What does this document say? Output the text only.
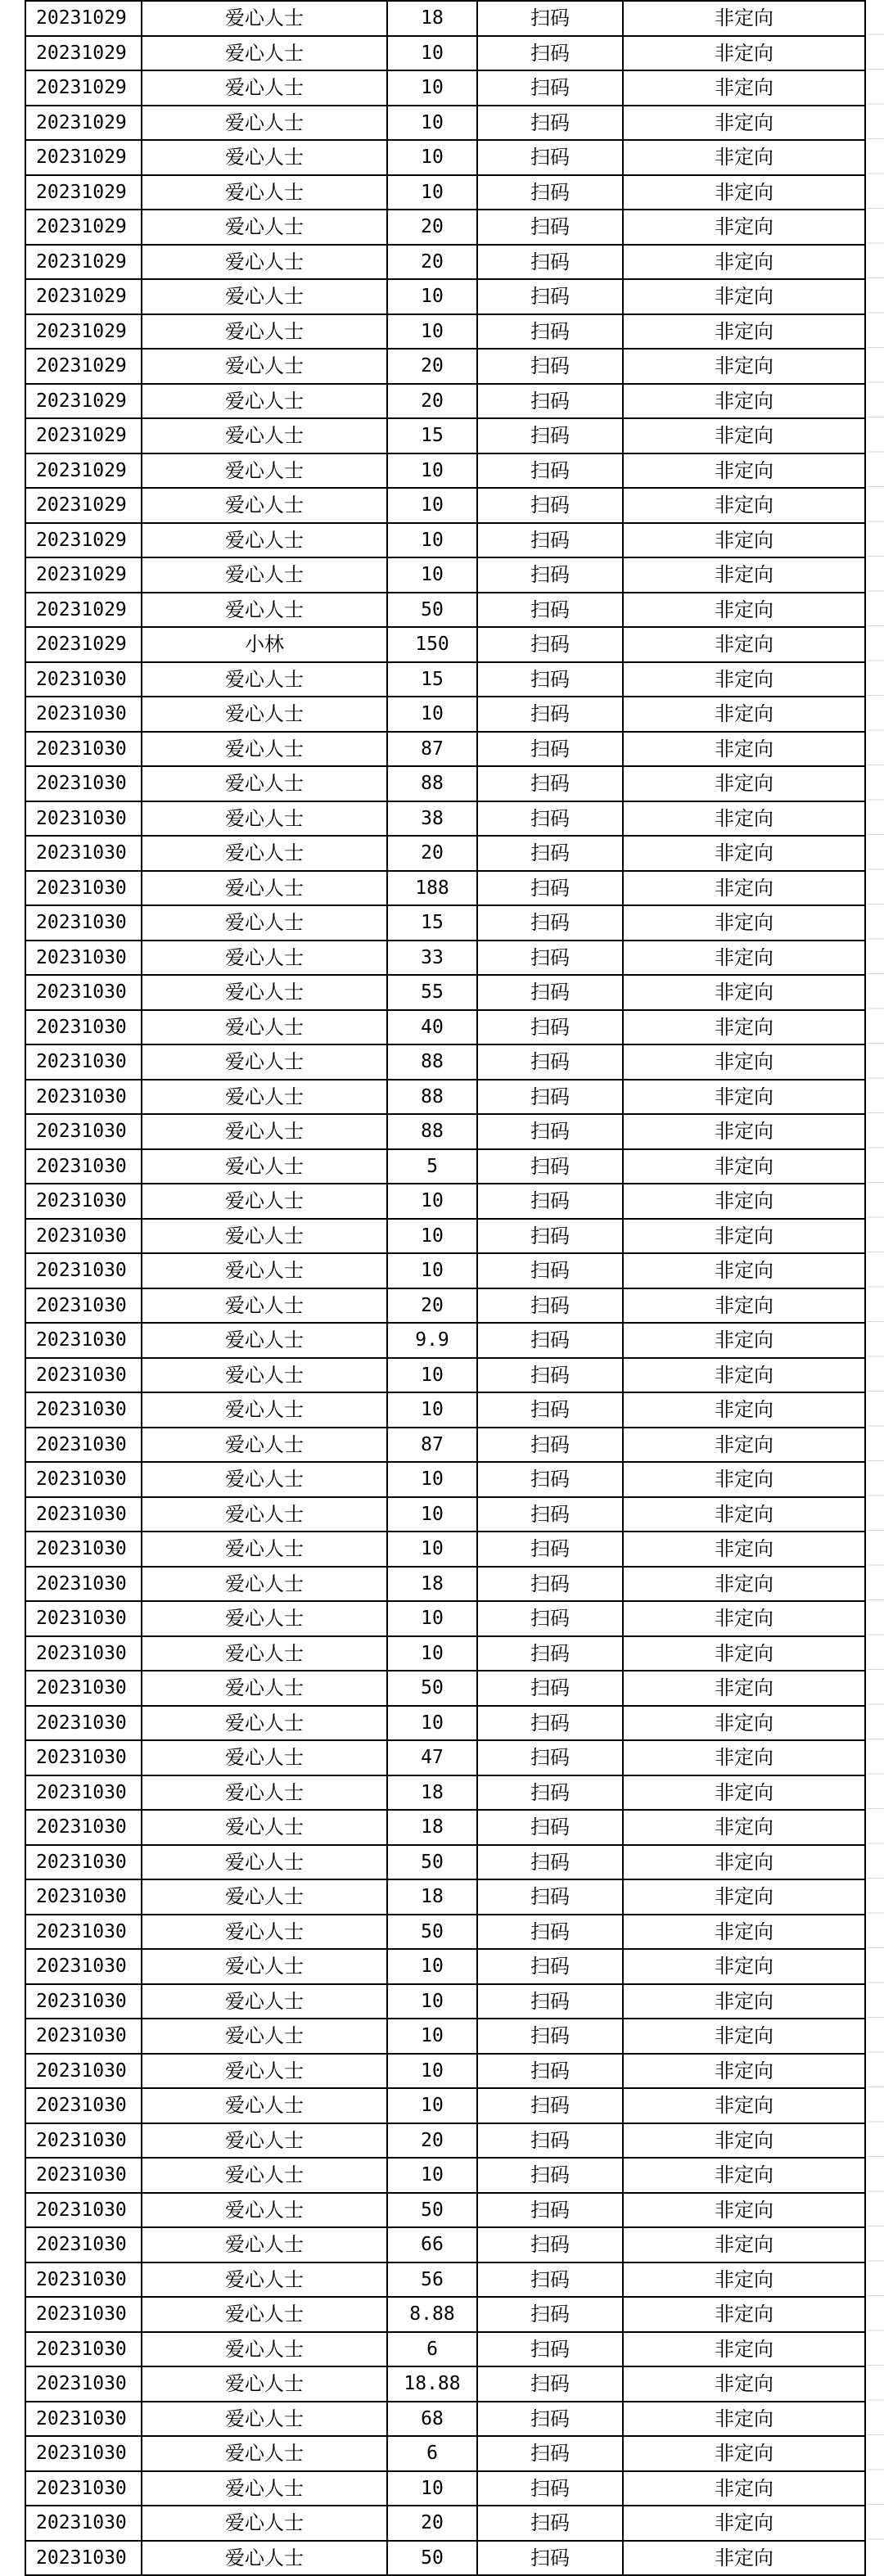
20231029	爱心人士	18	扫码	非定向
20231029	爱心人士	10	扫码	非定向
20231029	爱心人士	10	扫码	非定向
20231029	爱心人士	10	扫码	非定向
20231029	爱心人士	10	扫码	非定向
20231029	爱心人士	10	扫码	非定向
20231029	爱心人士	20	扫码	非定向
20231029	爱心人士	20	扫码	非定向
20231029	爱心人士	10	扫码	非定向
20231029	爱心人士	10	扫码	非定向
20231029	爱心人士	20	扫码	非定向
20231029	爱心人士	20	扫码	非定向
20231029	爱心人士	15	扫码	非定向
20231029	爱心人士	10	扫码	非定向
20231029	爱心人士	10	扫码	非定向
20231029	爱心人士	10	扫码	非定向
20231029	爱心人士	10	扫码	非定向
20231029	爱心人士	50	扫码	非定向
20231029	小林	150	扫码	非定向
20231030	爱心人士	15	扫码	非定向
20231030	爱心人士	10	扫码	非定向
20231030	爱心人士	87	扫码	非定向
20231030	爱心人士	88	扫码	非定向
20231030	爱心人士	38	扫码	非定向
20231030	爱心人士	20	扫码	非定向
20231030	爱心人士	188	扫码	非定向
20231030	爱心人士	15	扫码	非定向
20231030	爱心人士	33	扫码	非定向
20231030	爱心人士	55	扫码	非定向
20231030	爱心人士	40	扫码	非定向
20231030	爱心人士	88	扫码	非定向
20231030	爱心人士	88	扫码	非定向
20231030	爱心人士	88	扫码	非定向
20231030	爱心人士	5	扫码	非定向
20231030	爱心人士	10	扫码	非定向
20231030	爱心人士	10	扫码	非定向
20231030	爱心人士	10	扫码	非定向
20231030	爱心人士	20	扫码	非定向
20231030	爱心人士	9.9	扫码	非定向
20231030	爱心人士	10	扫码	非定向
20231030	爱心人士	10	扫码	非定向
20231030	爱心人士	87	扫码	非定向
20231030	爱心人士	10	扫码	非定向
20231030	爱心人士	10	扫码	非定向
20231030	爱心人士	10	扫码	非定向
20231030	爱心人士	18	扫码	非定向
20231030	爱心人士	10	扫码	非定向
20231030	爱心人士	10	扫码	非定向
20231030	爱心人士	50	扫码	非定向
20231030	爱心人士	10	扫码	非定向
20231030	爱心人士	47	扫码	非定向
20231030	爱心人士	18	扫码	非定向
20231030	爱心人士	18	扫码	非定向
20231030	爱心人士	50	扫码	非定向
20231030	爱心人士	18	扫码	非定向
20231030	爱心人士	50	扫码	非定向
20231030	爱心人士	10	扫码	非定向
20231030	爱心人士	10	扫码	非定向
20231030	爱心人士	10	扫码	非定向
20231030	爱心人士	10	扫码	非定向
20231030	爱心人士	10	扫码	非定向
20231030	爱心人士	20	扫码	非定向
20231030	爱心人士	10	扫码	非定向
20231030	爱心人士	50	扫码	非定向
20231030	爱心人士	66	扫码	非定向
20231030	爱心人士	56	扫码	非定向
20231030	爱心人士	8.88	扫码	非定向
20231030	爱心人士	6	扫码	非定向
20231030	爱心人士	18.88	扫码	非定向
20231030	爱心人士	68	扫码	非定向
20231030	爱心人士	6	扫码	非定向
20231030	爱心人士	10	扫码	非定向
20231030	爱心人士	20	扫码	非定向
20231030	爱心人士	50	扫码	非定向
